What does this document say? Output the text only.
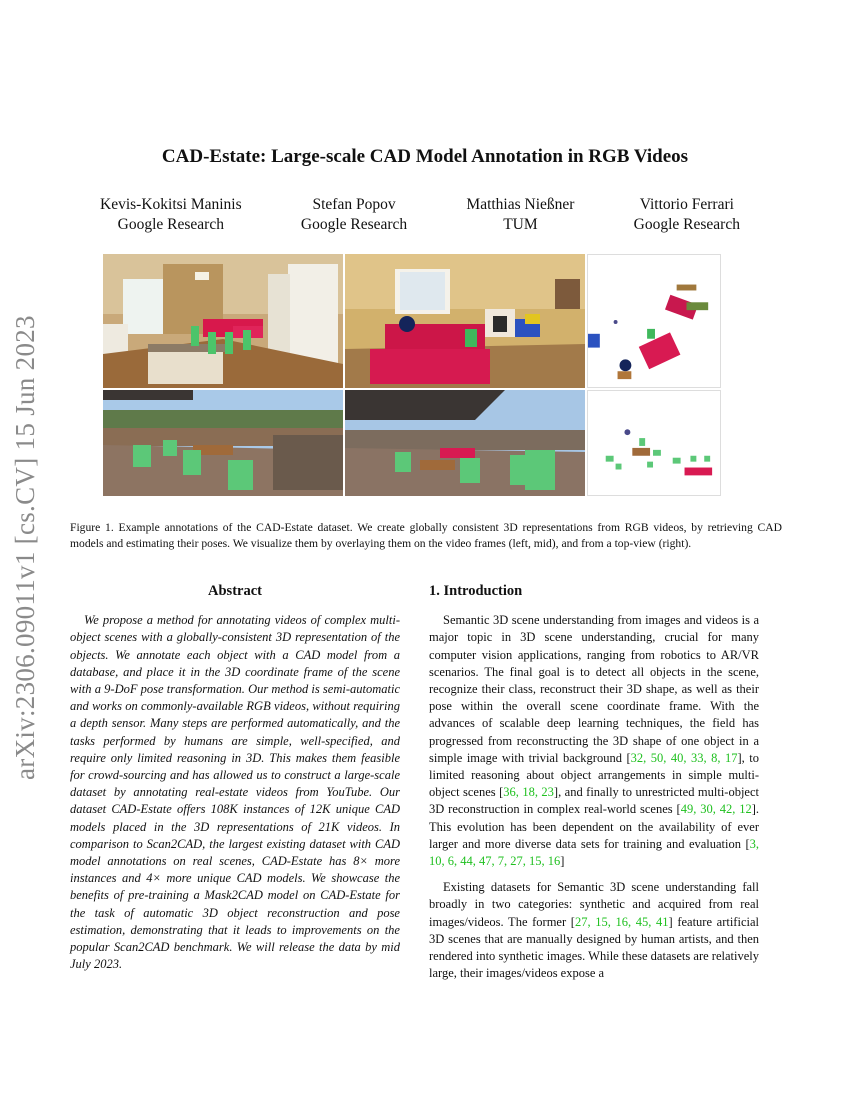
arXiv:2306.09011v1 [cs.CV] 15 Jun 2023
CAD-Estate: Large-scale CAD Model Annotation in RGB Videos
Kevis-Kokitsi Maninis
Google Research
Stefan Popov
Google Research
Matthias Nießner
TUM
Vittorio Ferrari
Google Research
Figure 1. Example annotations of the CAD-Estate dataset. We create globally consistent 3D representations from RGB videos, by retrieving CAD models and estimating their poses. We visualize them by overlaying them on the video frames (left, mid), and from a top-view (right).
Abstract

We propose a method for annotating videos of complex multi-object scenes with a globally-consistent 3D representation of the objects. We annotate each object with a CAD model from a database, and place it in the 3D coordinate frame of the scene with a 9-DoF pose transformation. Our method is semi-automatic and works on commonly-available RGB videos, without requiring a depth sensor. Many steps are performed automatically, and the tasks performed by humans are simple, well-specified, and require only limited reasoning in 3D. This makes them feasible for crowd-sourcing and has allowed us to construct a large-scale dataset by annotating real-estate videos from YouTube. Our dataset CAD-Estate offers 108K instances of 12K unique CAD models placed in the 3D representations of 21K videos. In comparison to Scan2CAD, the largest existing dataset with CAD model annotations on real scenes, CAD-Estate has 8× more instances and 4× more unique CAD models. We showcase the benefits of pre-training a Mask2CAD model on CAD-Estate for the task of automatic 3D object reconstruction and pose estimation, demonstrating that it leads to improvements on the popular Scan2CAD benchmark. We will release the data by mid July 2023.

1. Introduction

Semantic 3D scene understanding from images and videos is a major topic in 3D scene understanding, crucial for many computer vision applications, ranging from robotics to AR/VR scenarios. The final goal is to detect all objects in the scene, recognize their class, reconstruct their 3D shape, as well as their pose within the overall scene coordinate frame. With the advances of scalable deep learning techniques, the field has progressed from reconstructing the 3D shape of one object in a simple image with trivial background [32, 50, 40, 33, 8, 17], to limited reasoning about object arrangements in simple multi-object scenes [36, 18, 23], and finally to unrestricted multi-object 3D reconstruction in complex real-world scenes [49, 30, 42, 12]. This evolution has been dependent on the availability of ever larger and more diverse data sets for training and evaluation [3, 10, 6, 44, 47, 7, 27, 15, 16]

Existing datasets for Semantic 3D scene understanding fall broadly in two categories: synthetic and acquired from real images/videos. The former [27, 15, 16, 45, 41] feature artificial 3D scenes that are manually designed by human artists, and then rendered into synthetic images. While these datasets are relatively large, their images/videos expose a
